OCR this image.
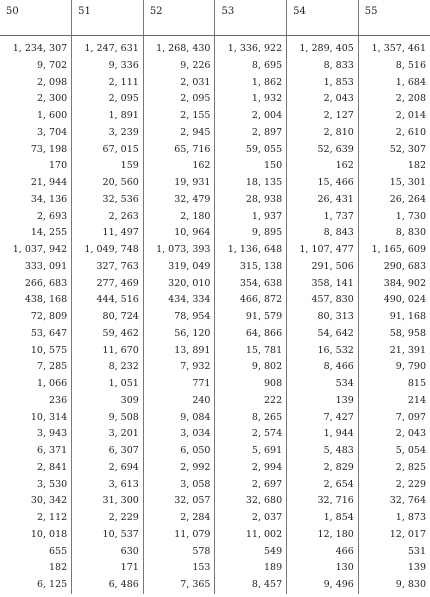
50	51	52	53	54	55

1, 234, 307	1, 247, 631	1, 268, 430	1, 336, 922	1, 289, 405	1, 357, 461
9, 702	9, 336	9, 226	8, 695	8, 833	8, 516
2, 098	2, 111	2, 031	1, 862	1, 853	1, 684
2, 300	2, 095	2, 095	1, 932	2, 043	2, 208
1, 600	1, 891	2, 155	2, 004	2, 127	2, 014
3, 704	3, 239	2, 945	2, 897	2, 810	2, 610
73, 198	67, 015	65, 716	59, 055	52, 639	52, 307
170	159	162	150	162	182
21, 944	20, 560	19, 931	18, 135	15, 466	15, 301
34, 136	32, 536	32, 479	28, 938	26, 431	26, 264
2, 693	2, 263	2, 180	1, 937	1, 737	1, 730
14, 255	11, 497	10, 964	9, 895	8, 843	8, 830
1, 037, 942	1, 049, 748	1, 073, 393	1, 136, 648	1, 107, 477	1, 165, 609
333, 091	327, 763	319, 049	315, 138	291, 506	290, 683
266, 683	277, 469	320, 010	354, 638	358, 141	384, 902
438, 168	444, 516	434, 334	466, 872	457, 830	490, 024
72, 809	80, 724	78, 954	91, 579	80, 313	91, 168
53, 647	59, 462	56, 120	64, 866	54, 642	58, 958
10, 575	11, 670	13, 891	15, 781	16, 532	21, 391
7, 285	8, 232	7, 932	9, 802	8, 466	9, 790
1, 066	1, 051	771	908	534	815
236	309	240	222	139	214
10, 314	9, 508	9, 084	8, 265	7, 427	7, 097
3, 943	3, 201	3, 034	2, 574	1, 944	2, 043
6, 371	6, 307	6, 050	5, 691	5, 483	5, 054
2, 841	2, 694	2, 992	2, 994	2, 829	2, 825
3, 530	3, 613	3, 058	2, 697	2, 654	2, 229
30, 342	31, 300	32, 057	32, 680	32, 716	32, 764
2, 112	2, 229	2, 284	2, 037	1, 854	1, 873
10, 018	10, 537	11, 079	11, 002	12, 180	12, 017
655	630	578	549	466	531
182	171	153	189	130	139
6, 125	6, 486	7, 365	8, 457	9, 496	9, 830
